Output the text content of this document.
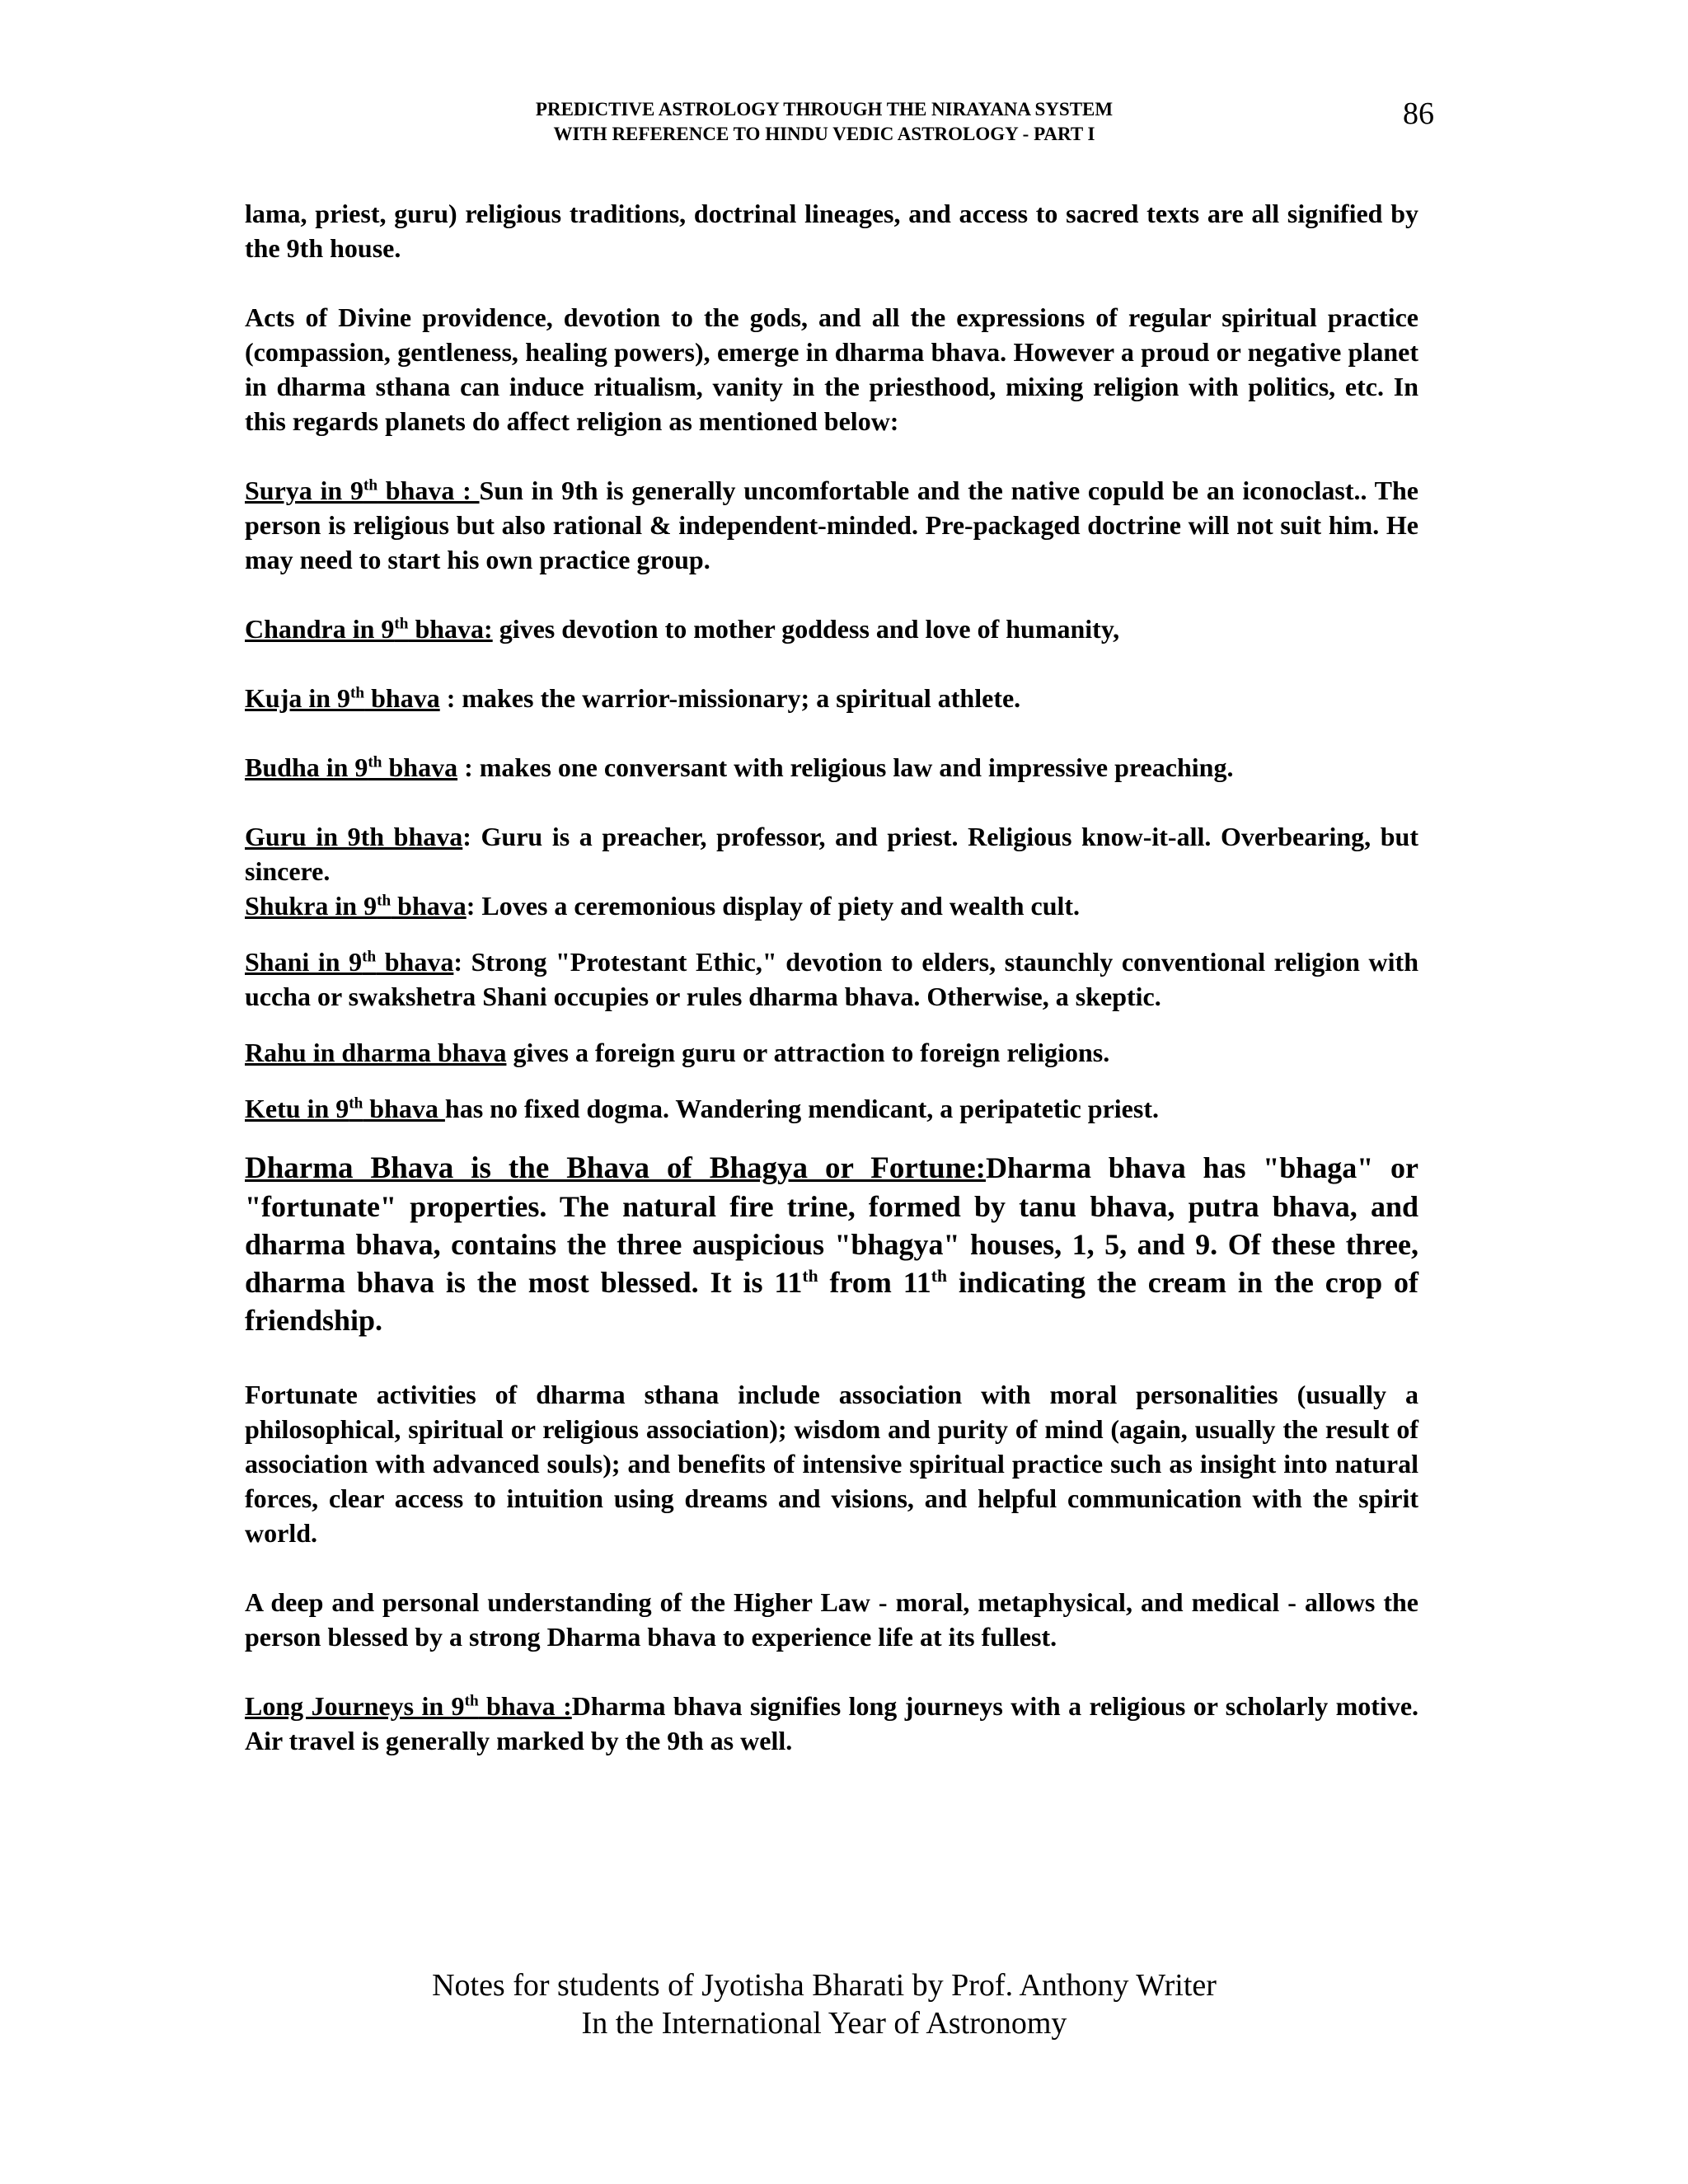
PREDICTIVE ASTROLOGY THROUGH THE NIRAYANA SYSTEM
WITH REFERENCE TO HINDU VEDIC ASTROLOGY - PART I
86

lama, priest, guru) religious traditions, doctrinal lineages, and access to sacred texts are all signified by the 9th house.

Acts of Divine providence, devotion to the gods, and all the expressions of regular spiritual practice (compassion, gentleness, healing powers), emerge in dharma bhava. However a proud or negative planet in dharma sthana can induce ritualism, vanity in the priesthood, mixing religion with politics, etc. In this regards planets do affect religion as mentioned below:

Surya in 9th bhava : Sun in 9th is generally uncomfortable and the native copuld be an iconoclast.. The person is religious but also rational & independent-minded. Pre-packaged doctrine will not suit him. He may need to start his own practice group.

Chandra in 9th bhava: gives devotion to mother goddess and love of humanity,

Kuja in 9th bhava : makes the warrior-missionary; a spiritual athlete.

Budha in 9th bhava : makes one conversant with religious law and impressive preaching.

Guru in 9th bhava: Guru is a preacher, professor, and priest. Religious know-it-all. Overbearing, but sincere.

Shukra in 9th bhava: Loves a ceremonious display of piety and wealth cult.

Shani in 9th bhava: Strong "Protestant Ethic," devotion to elders, staunchly conventional religion with uccha or swakshetra Shani occupies or rules dharma bhava. Otherwise, a skeptic.

Rahu in dharma bhava gives a foreign guru or attraction to foreign religions.

Ketu in 9th bhava has no fixed dogma. Wandering mendicant, a peripatetic priest.

Dharma Bhava is the Bhava of Bhagya or Fortune:Dharma bhava has "bhaga" or "fortunate" properties. The natural fire trine, formed by tanu bhava, putra bhava, and dharma bhava, contains the three auspicious "bhagya" houses, 1, 5, and 9. Of these three, dharma bhava is the most blessed. It is 11th from 11th indicating the cream in the crop of friendship.

Fortunate activities of dharma sthana include association with moral personalities (usually a philosophical, spiritual or religious association); wisdom and purity of mind (again, usually the result of association with advanced souls); and benefits of intensive spiritual practice such as insight into natural forces, clear access to intuition using dreams and visions, and helpful communication with the spirit world.

A deep and personal understanding of the Higher Law - moral, metaphysical, and medical - allows the person blessed by a strong Dharma bhava to experience life at its fullest.

Long Journeys in 9th bhava :Dharma bhava signifies long journeys with a religious or scholarly motive. Air travel is generally marked by the 9th as well.

Notes for students of Jyotisha Bharati by Prof. Anthony Writer
In the International Year of Astronomy
